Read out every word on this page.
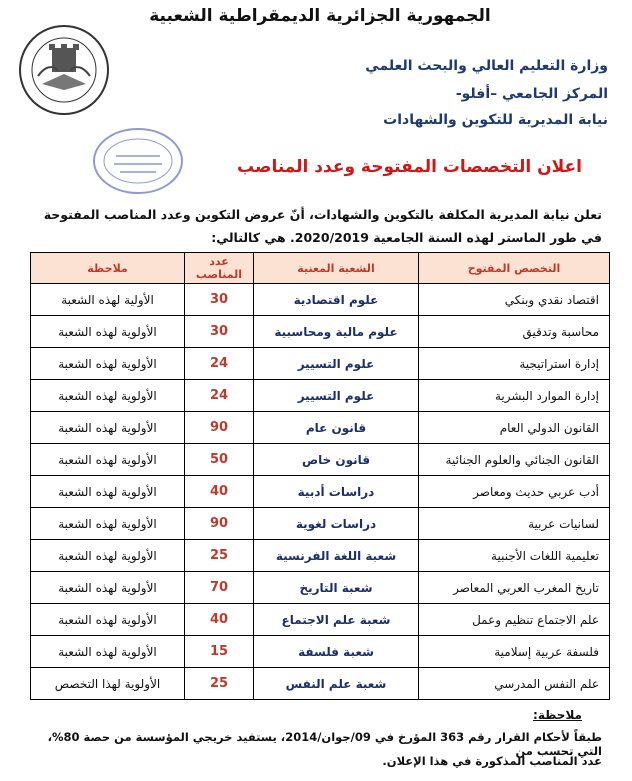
الجمهورية الجزائرية الديمقراطية الشعبية
وزارة التعليم العالي والبحث العلمي
المركز الجامعي –أفلو-
نيابة المديرية للتكوين والشهادات
اعلان التخصصات المفتوحة وعدد المناصب
تعلن نيابة المديرية المكلفة بالتكوين والشهادات، أنّ عروض التكوين وعدد المناصب المفتوحة
في طور الماستر لهذه السنة الجامعية 2020/2019. هي كالتالي:
التخصص المفتوح	الشعبة المعنية	عدد المناصب	ملاحظة
اقتصاد نقدي وبنكي	علوم اقتصادية	30	الأولية لهذه الشعبة
محاسبة وتدقيق	علوم مالية ومحاسبية	30	الأولوية لهذه الشعبة
إدارة استراتيجية	علوم التسيير	24	الأولوية لهذه الشعبة
إدارة الموارد البشرية	علوم التسيير	24	الأولوية لهذه الشعبة
القانون الدولي العام	قانون عام	90	الأولوية لهذه الشعبة
القانون الجنائي والعلوم الجنائية	قانون خاص	50	الأولوية لهذه الشعبة
أدب عربي حديث ومعاصر	دراسات أدبية	40	الأولوية لهذه الشعبة
لسانيات عربية	دراسات لغوية	90	الأولوية لهذه الشعبة
تعليمية اللغات الأجنبية	شعبة اللغة الفرنسية	25	الأولوية لهذه الشعبة
تاريخ المغرب العربي المعاصر	شعبة التاريخ	70	الأولوية لهذه الشعبة
علم الاجتماع تنظيم وعمل	شعبة علم الاجتماع	40	الأولوية لهذه الشعبة
فلسفة عربية إسلامية	شعبة فلسفة	15	الأولوية لهذه الشعبة
علم النفس المدرسي	شعبة علم النفس	25	الأولوية لهذا التخصص
ملاحظة:
طبقاً لأحكام القرار رقم 363 المؤرخ في 09/جوان/2014، يستفيد خريجي المؤسسة من حصة 80%، التي تحسب من
عدد المناصب المذكورة في هذا الإعلان.
